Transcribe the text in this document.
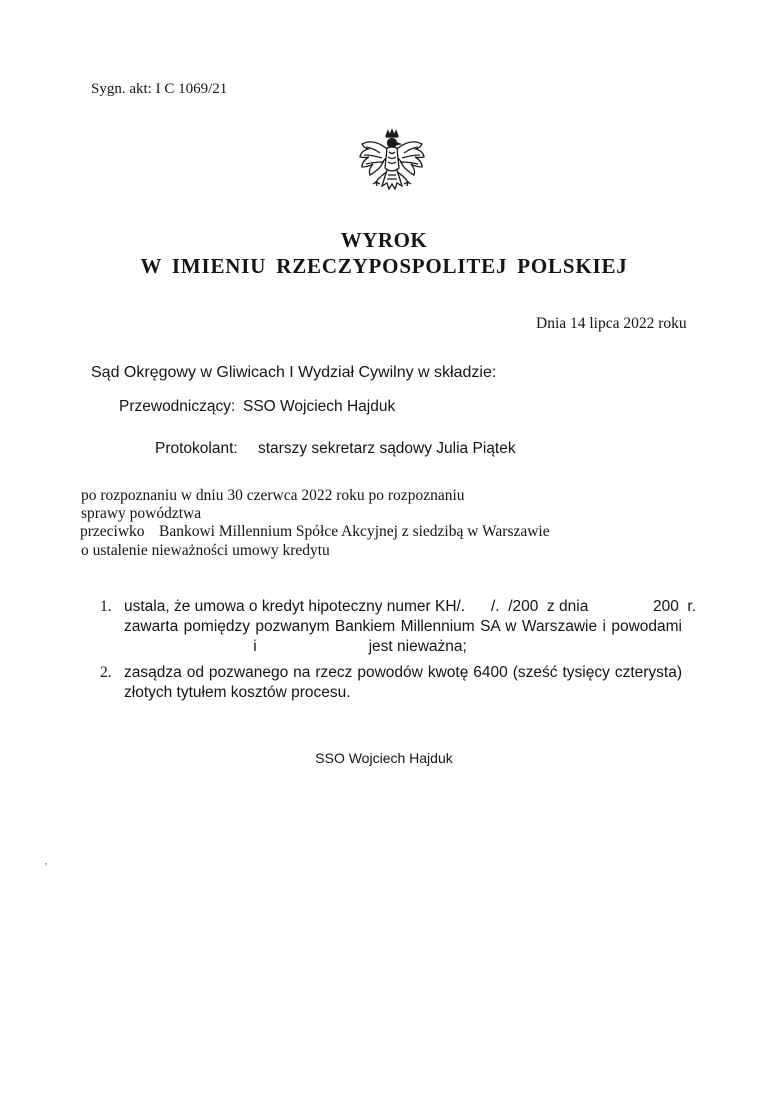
Sygn. akt: I C 1069/21
WYROK
W IMIENIU RZECZYPOSPOLITEJ POLSKIEJ
Dnia 14 lipca 2022 roku
Sąd Okręgowy w Gliwicach I Wydział Cywilny w składzie:
Przewodniczący: SSO Wojciech Hajduk
Protokolant: starszy sekretarz sądowy Julia Piątek
po rozpoznaniu w dniu 30 czerwca 2022 roku po rozpoznaniu
sprawy powództwa
przeciwko Bankowi Millennium Spółce Akcyjnej z siedzibą w Warszawie
o ustalenie nieważności umowy kredytu
1. ustala, że umowa o kredyt hipoteczny numer KH/.      /.  /200  z dnia               200  r.
zawarta pomiędzy pozwanym Bankiem Millennium SA w Warszawie i powodami
i                          jest nieważna;
2. zasądza od pozwanego na rzecz powodów kwotę 6400 (sześć tysięcy czterysta)
złotych tytułem kosztów procesu.
SSO Wojciech Hajduk
'
